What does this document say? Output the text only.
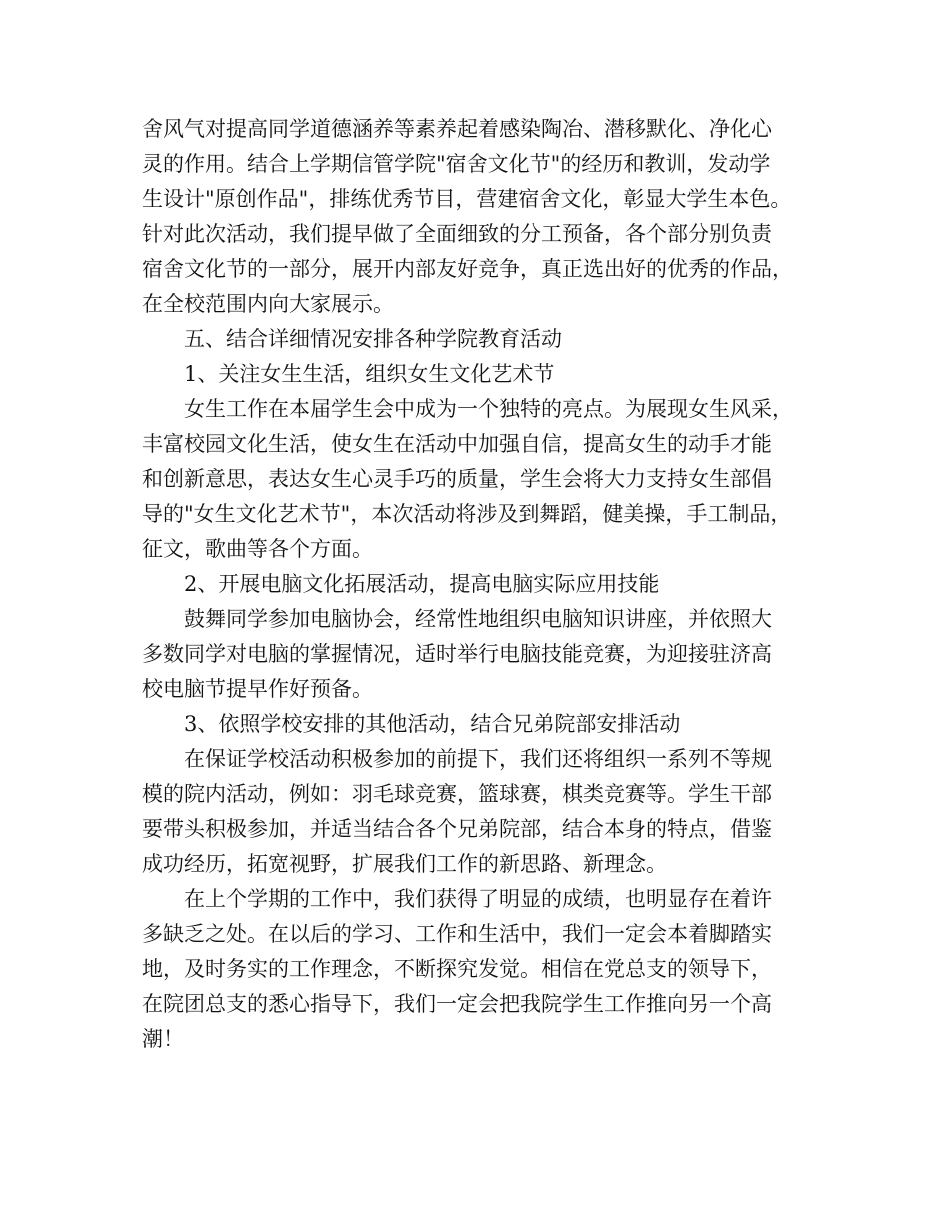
舍风气对提高同学道德涵养等素养起着感染陶冶、潜移默化、净化心
灵的作用。结合上学期信管学院"宿舍文化节"的经历和教训，发动学
生设计"原创作品"，排练优秀节目，营建宿舍文化，彰显大学生本色。
针对此次活动，我们提早做了全面细致的分工预备，各个部分别负责
宿舍文化节的一部分，展开内部友好竞争，真正选出好的优秀的作品，
在全校范围内向大家展示。
五、结合详细情况安排各种学院教育活动
1、关注女生生活，组织女生文化艺术节
女生工作在本届学生会中成为一个独特的亮点。为展现女生风采，
丰富校园文化生活，使女生在活动中加强自信，提高女生的动手才能
和创新意思，表达女生心灵手巧的质量，学生会将大力支持女生部倡
导的"女生文化艺术节"，本次活动将涉及到舞蹈，健美操，手工制品，
征文，歌曲等各个方面。
2、开展电脑文化拓展活动，提高电脑实际应用技能
鼓舞同学参加电脑协会，经常性地组织电脑知识讲座，并依照大
多数同学对电脑的掌握情况，适时举行电脑技能竞赛，为迎接驻济高
校电脑节提早作好预备。
3、依照学校安排的其他活动，结合兄弟院部安排活动
在保证学校活动积极参加的前提下，我们还将组织一系列不等规
模的院内活动，例如：羽毛球竞赛，篮球赛，棋类竞赛等。学生干部
要带头积极参加，并适当结合各个兄弟院部，结合本身的特点，借鉴
成功经历，拓宽视野，扩展我们工作的新思路、新理念。
在上个学期的工作中，我们获得了明显的成绩，也明显存在着许
多缺乏之处。在以后的学习、工作和生活中，我们一定会本着脚踏实
地，及时务实的工作理念，不断探究发觉。相信在党总支的领导下，
在院团总支的悉心指导下，我们一定会把我院学生工作推向另一个高
潮！
